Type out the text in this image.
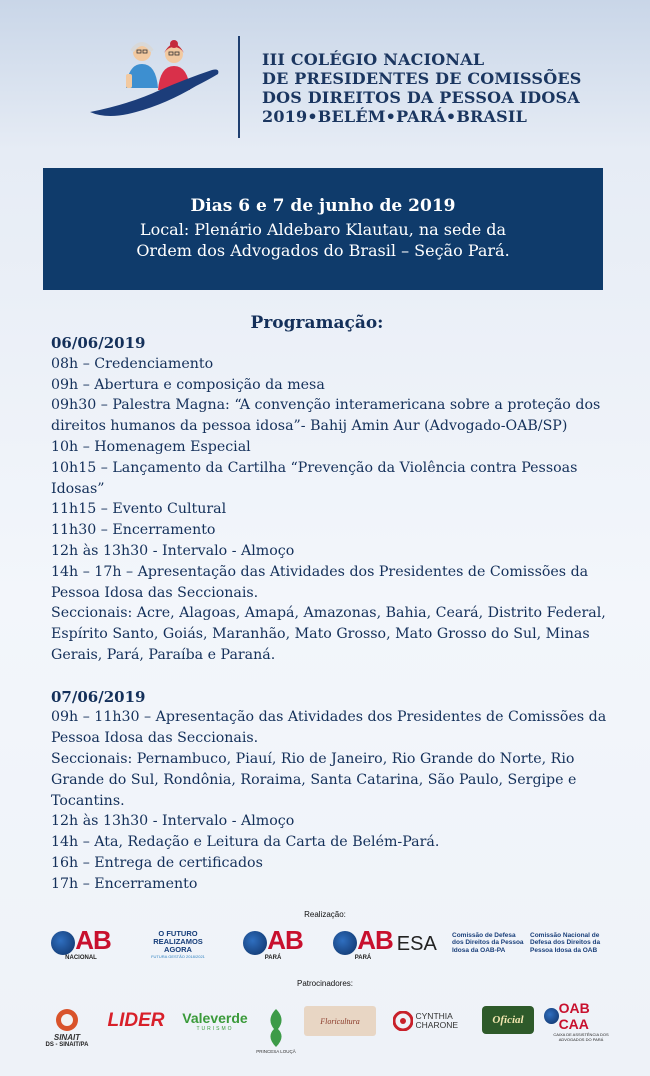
III COLÉGIO NACIONAL
DE PRESIDENTES DE COMISSÕES
DOS DIREITOS DA PESSOA IDOSA
2019•BELÉM•PARÁ•BRASIL
Dias 6 e 7 de junho de 2019
Local: Plenário Aldebaro Klautau, na sede da
Ordem dos Advogados do Brasil – Seção Pará.
Programação:
06/06/2019
08h – Credenciamento
09h – Abertura e composição da mesa
09h30 – Palestra Magna: “A convenção interamericana sobre a proteção dos
direitos humanos da pessoa idosa”- Bahij Amin Aur (Advogado-OAB/SP)
10h – Homenagem Especial
10h15 – Lançamento da Cartilha “Prevenção da Violência contra Pessoas
Idosas”
11h15 – Evento Cultural
11h30 – Encerramento
12h às 13h30 - Intervalo - Almoço
14h – 17h – Apresentação das Atividades dos Presidentes de Comissões da
Pessoa Idosa das Seccionais.
Seccionais: Acre, Alagoas, Amapá, Amazonas, Bahia, Ceará, Distrito Federal,
Espírito Santo, Goiás, Maranhão, Mato Grosso, Mato Grosso do Sul, Minas
Gerais, Pará, Paraíba e Paraná.
07/06/2019
09h – 11h30 – Apresentação das Atividades dos Presidentes de Comissões da
Pessoa Idosa das Seccionais.
Seccionais: Pernambuco, Piauí, Rio de Janeiro, Rio Grande do Norte, Rio
Grande do Sul, Rondônia, Roraima, Santa Catarina, São Paulo, Sergipe e
Tocantins.
12h às 13h30 - Intervalo - Almoço
14h – Ata, Redação e Leitura da Carta de Belém-Pará.
16h – Entrega de certificados
17h – Encerramento
Realização:
AB
NACIONAL
O FUTURO REALIZAMOS AGORA
FUTURA GESTÃO 2018/2021
AB
PARÁ
AB
PARÁ
ESA Comissão de Defesa dos Direitos da Pessoa Idosa da OAB-PA
Comissão Nacional de Defesa dos Direitos da Pessoa Idosa da OAB
Patrocinadores:
SINAIT
DS - SINAIT/PA
LIDER Valeverde
TURISMO
PRINCESA LOUÇÃ
Floricultura	CYNTHIA CHARONE	Oficial
OAB CAA
CAIXA DE ASSISTÊNCIA DOS ADVOGADOS DO PARÁ
